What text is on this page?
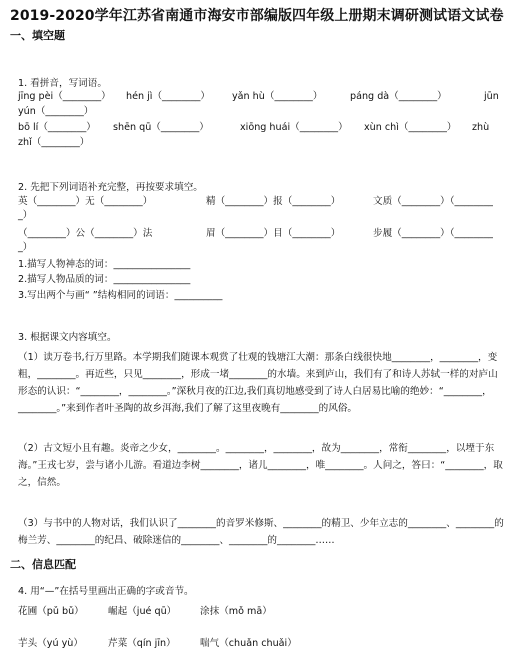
2019-2020学年江苏省南通市海安市部编版四年级上册期末调研测试语文试卷
一、填空题
1. 看拼音，写词语。
jīng pèi（________） hén jì（________） yǎn hù（________）	páng dà（________）	jūn
yún（________）
bō lí（________） shēn qū（________）	xiōng huái（________） xùn chì（________） zhù
zhǐ（________）
2. 先把下列词语补充完整，再按要求填空。
英（________）无（________）	精（________）报（________）	文质（________）（________
_）
（________）公（________）法	眉（________）目（________）	步履（________）（________
_）
1.描写人物神态的词：________________
2.描写人物品质的词：________________
3.写出两个与画“ ”结构相同的词语：__________
3. 根据课文内容填空。
（1）读万卷书,行万里路。本学期我们随课本观赏了壮观的钱塘江大潮：那条白线很快地________，________，变粗，________。再近些，只见________，形成一堵________的水墙。来到庐山，我们有了和诗人苏轼一样的对庐山形态的认识：“________，________。”深秋月夜的江边,我们真切地感受到了诗人白居易比喻的绝妙：“________，________。”来到作者叶圣陶的故乡洱海,我们了解了这里夜晚有________的风俗。
（2）古文短小且有趣。炎帝之少女，________。________，________，故为________，常衔________，以堙于东海。”王戎七岁，尝与诸小儿游。看道边李树________，诸儿________，唯________。人问之，答曰：“________，取之，信然。
（3）与书中的人物对话，我们认识了________的音罗米修斯、________的精卫、少年立志的________、________的梅兰芳、________的纪昌、破除迷信的________、________的________……
二、信息匹配
4. 用“—”在括号里画出正确的字或音节。
花圃（pǔ bǔ）	崛起（jué qū） 涂抹（mǒ mā）
芋头（yú yù）	芹菜（qín jīn）	喘气（chuǎn chuǎi）
